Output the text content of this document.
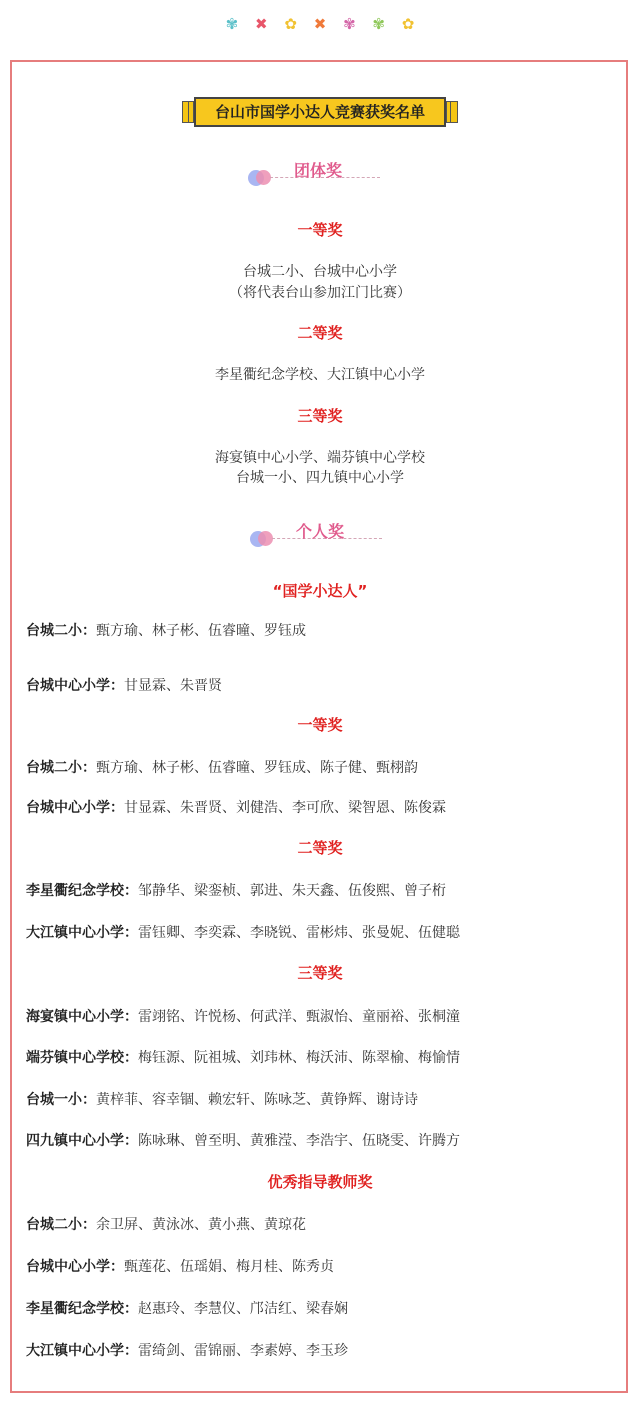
✾ ✖ ✿ ✖ ✾ ✾ ✿
台山市国学小达人竞赛获奖名单
团体奖
一等奖
台城二小、台城中心小学
（将代表台山参加江门比赛）
二等奖
李星衢纪念学校、大江镇中心小学
三等奖
海宴镇中心小学、端芬镇中心学校
台城一小、四九镇中心小学
个人奖
“国学小达人”
台城二小：甄方瑜、林子彬、伍睿曈、罗钰成
台城中心小学：甘显霖、朱晋贤
一等奖
台城二小：甄方瑜、林子彬、伍睿曈、罗钰成、陈子健、甄栩韵
台城中心小学：甘显霖、朱晋贤、刘健浩、李可欣、梁智恩、陈俊霖
二等奖
李星衢纪念学校：邹静华、梁銮桢、郭进、朱天鑫、伍俊熙、曾子桁
大江镇中心小学：雷钰卿、李奕霖、李晓锐、雷彬炜、张曼妮、伍健聪
三等奖
海宴镇中心小学：雷翊铭、许悦杨、何武洋、甄淑怡、童丽裕、张桐潼
端芬镇中心学校：梅钰源、阮祖城、刘玮林、梅沃沛、陈翠榆、梅愉情
台城一小：黄梓菲、容幸锢、赖宏轩、陈咏芝、黄铮辉、谢诗诗
四九镇中心小学：陈咏琳、曾至明、黄雅滢、李浩宇、伍晓雯、许腾方
优秀指导教师奖
台城二小：余卫屏、黄泳冰、黄小燕、黄琼花
台城中心小学：甄莲花、伍瑶娟、梅月桂、陈秀贞
李星衢纪念学校：赵惠玲、李慧仪、邝洁红、梁春娴
大江镇中心小学：雷绮剑、雷锦丽、李素婷、李玉珍
